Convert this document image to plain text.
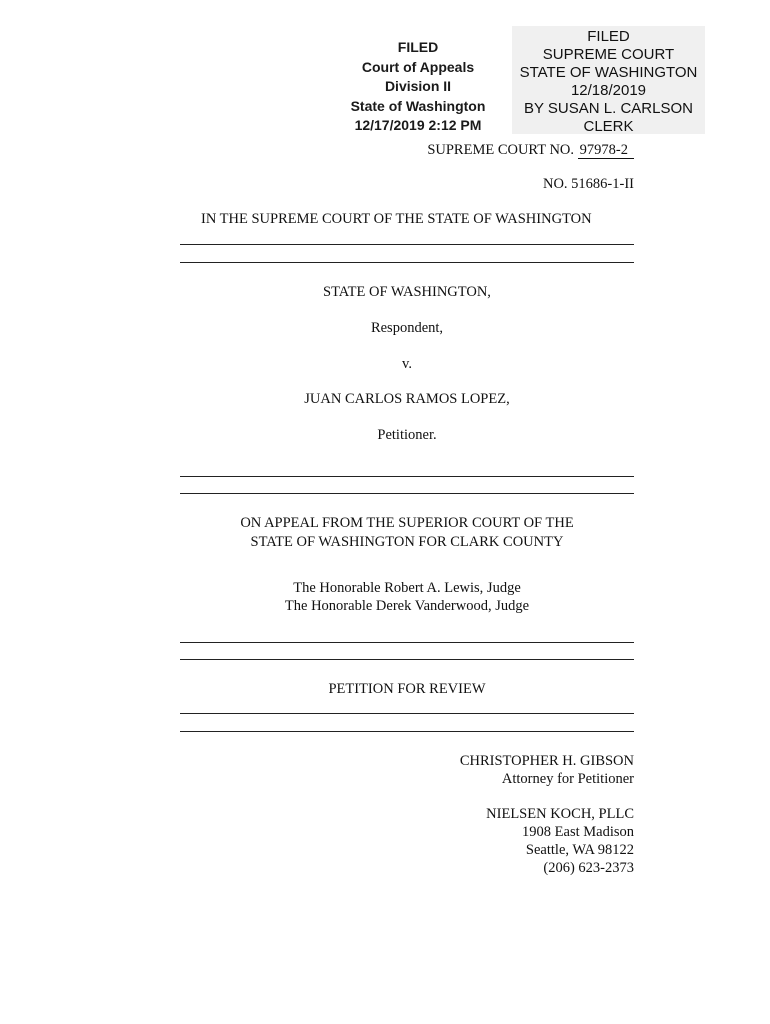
FILED
Court of Appeals
Division II
State of Washington
12/17/2019 2:12 PM
FILED
SUPREME COURT
STATE OF WASHINGTON
12/18/2019
BY SUSAN L. CARLSON
CLERK
SUPREME COURT NO. 97978-2
NO. 51686-1-II
IN THE SUPREME COURT OF THE STATE OF WASHINGTON
STATE OF WASHINGTON,
Respondent,
v.
JUAN CARLOS RAMOS LOPEZ,
Petitioner.
ON APPEAL FROM THE SUPERIOR COURT OF THE
STATE OF WASHINGTON FOR CLARK COUNTY
The Honorable Robert A. Lewis, Judge
The Honorable Derek Vanderwood, Judge
PETITION FOR REVIEW
CHRISTOPHER H. GIBSON
Attorney for Petitioner
NIELSEN KOCH, PLLC
1908 East Madison
Seattle, WA 98122
(206) 623-2373
